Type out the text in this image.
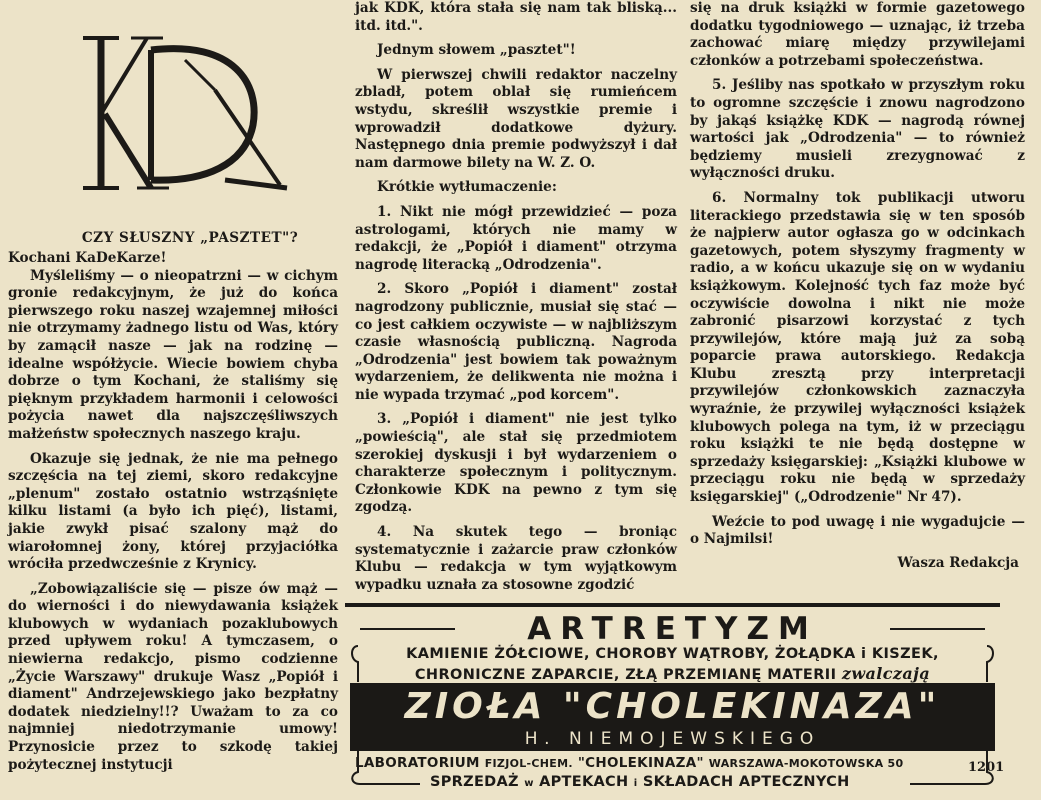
CZY SŁUSZNY „PASZTET"?

Kochani KaDeKarze!

Myśleliśmy — o nieopatrzni — w cichym gronie redakcyjnym, że już do końca pierwszego roku naszej wzajemnej miłości nie otrzymamy żadnego listu od Was, który by zamącił nasze — jak na rodzinę — idealne współżycie. Wiecie bowiem chyba dobrze o tym Kochani, że staliśmy się pięknym przykładem harmonii i celowości pożycia nawet dla najszczęśliwszych małżeństw społecznych naszego kraju.

Okazuje się jednak, że nie ma pełnego szczęścia na tej ziemi, skoro redakcyjne „plenum" zostało ostatnio wstrząśnięte kilku listami (a było ich pięć), listami, jakie zwykł pisać szalony mąż do wiarołomnej żony, której przyjaciółka wróciła przedwcześnie z Krynicy.

„Zobowiązaliście się — pisze ów mąż — do wierności i do niewydawania książek klubowych w wydaniach pozaklubowych przed upływem roku! A tymczasem, o niewierna redakcjo, pismo codzienne „Życie Warszawy" drukuje Wasz „Popiół i diament" Andrzejewskiego jako bezpłatny dodatek niedzielny!!? Uważam to za co najmniej niedotrzymanie umowy! Przynosicie przez to szkodę takiej pożytecznej instytucji

jak KDK, która stała się nam tak bliską... itd. itd.".

Jednym słowem „pasztet"!

W pierwszej chwili redaktor naczelny zbladł, potem oblał się rumieńcem wstydu, skreślił wszystkie premie i wprowadził dodatkowe dyżury. Następnego dnia premie podwyższył i dał nam darmowe bilety na W. Z. O.

Krótkie wytłumaczenie:

1. Nikt nie mógł przewidzieć — poza astrologami, których nie mamy w redakcji, że „Popiół i diament" otrzyma nagrodę literacką „Odrodzenia".

2. Skoro „Popiół i diament" został nagrodzony publicznie, musiał się stać — co jest całkiem oczywiste — w najbliższym czasie własnością publiczną. Nagroda „Odrodzenia" jest bowiem tak poważnym wydarzeniem, że delikwenta nie można i nie wypada trzymać „pod korcem".

3. „Popiół i diament" nie jest tylko „powieścią", ale stał się przedmiotem szerokiej dyskusji i był wydarzeniem o charakterze społecznym i politycznym. Członkowie KDK na pewno z tym się zgodzą.

4. Na skutek tego — broniąc systematycznie i zażarcie praw członków Klubu — redakcja w tym wyjątkowym wypadku uznała za stosowne zgodzić

się na druk książki w formie gazetowego dodatku tygodniowego — uznając, iż trzeba zachować miarę między przywilejami członków a potrzebami społeczeństwa.

5. Jeśliby nas spotkało w przyszłym roku to ogromne szczęście i znowu nagrodzono by jakąś książkę KDK — nagrodą równej wartości jak „Odrodzenia" — to również będziemy musieli zrezygnować z wyłączności druku.

6. Normalny tok publikacji utworu literackiego przedstawia się w ten sposób że najpierw autor ogłasza go w odcinkach gazetowych, potem słyszymy fragmenty w radio, a w końcu ukazuje się on w wydaniu książkowym. Kolejność tych faz może być oczywiście dowolna i nikt nie może zabronić pisarzowi korzystać z tych przywilejów, które mają już za sobą poparcie prawa autorskiego. Redakcja Klubu zresztą przy interpretacji przywilejów członkowskich zaznaczyła wyraźnie, że przywilej wyłączności książek klubowych polega na tym, iż w przeciągu roku książki te nie będą dostępne w sprzedaży księgarskiej: „Książki klubowe w przeciągu roku nie będą w sprzedaży księgarskiej" („Odrodzenie" Nr 47).

Weźcie to pod uwagę i nie wygadujcie — o Najmilsi!

Wasza Redakcja
ARTRETYZM
KAMIENIE ŻÓŁCIOWE, CHOROBY WĄTROBY, ŻOŁĄDKA i KISZEK,
CHRONICZNE ZAPARCIE, ZŁĄ PRZEMIANĘ MATERII zwalczają
ZIOŁA "CHOLEKINAZA"
H. NIEMOJEWSKIEGO
LABORATORIUM FIZJOL-CHEM. "CHOLEKINAZA" WARSZAWA-MOKOTOWSKA 50
SPRZEDAŻ w APTEKACH i SKŁADACH APTECZNYCH
1201
